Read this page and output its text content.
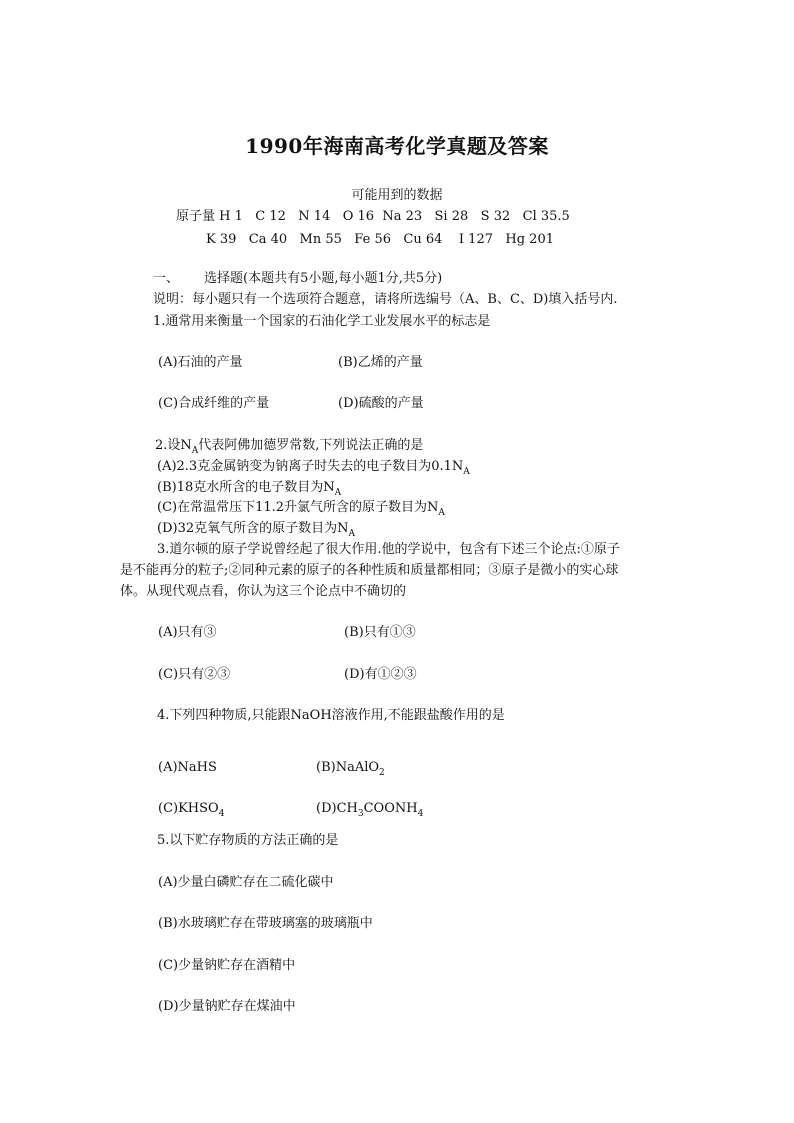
1990年海南高考化学真题及答案
可能用到的数据
原子量 H 1   C 12   N 14   O 16  Na 23   Si 28   S 32   Cl 35.5
K 39   Ca 40   Mn 55   Fe 56   Cu 64    I 127   Hg 201
一、 选择题(本题共有5小题,每小题1分,共5分)
说明：每小题只有一个选项符合题意，请将所选编号（A、B、C、D)填入括号内.
1.通常用来衡量一个国家的石油化学工业发展水平的标志是
(A)石油的产量	(B)乙烯的产量
(C)合成纤维的产量	(D)硫酸的产量
2.设$N_A$代表阿佛加德罗常数,下列说法正确的是
(A)2.3克金属钠变为钠离子时失去的电子数目为$0.1N_A$
(B)18克水所含的电子数目为$N_A$
(C)在常温常压下11.2升氯气所含的原子数目为$N_A$
(D)32克氧气所含的原子数目为$N_A$
3.道尔顿的原子学说曾经起了很大作用.他的学说中，包含有下述三个论点:①原子
是不能再分的粒子;②同种元素的原子的各种性质和质量都相同；③原子是微小的实心球
体。从现代观点看，你认为这三个论点中不确切的
(A)只有③	(B)只有①③
(C)只有②③	(D)有①②③
4.下列四种物质,只能跟NaOH溶液作用,不能跟盐酸作用的是
(A)NaHS	(B)NaAlO$_2$
$(C)KHSO_4$	$(D)CH_3COONH_4$
5.以下贮存物质的方法正确的是
(A)少量白磷贮存在二硫化碳中
(B)水玻璃贮存在带玻璃塞的玻璃瓶中
(C)少量钠贮存在酒精中
(D)少量钠贮存在煤油中
